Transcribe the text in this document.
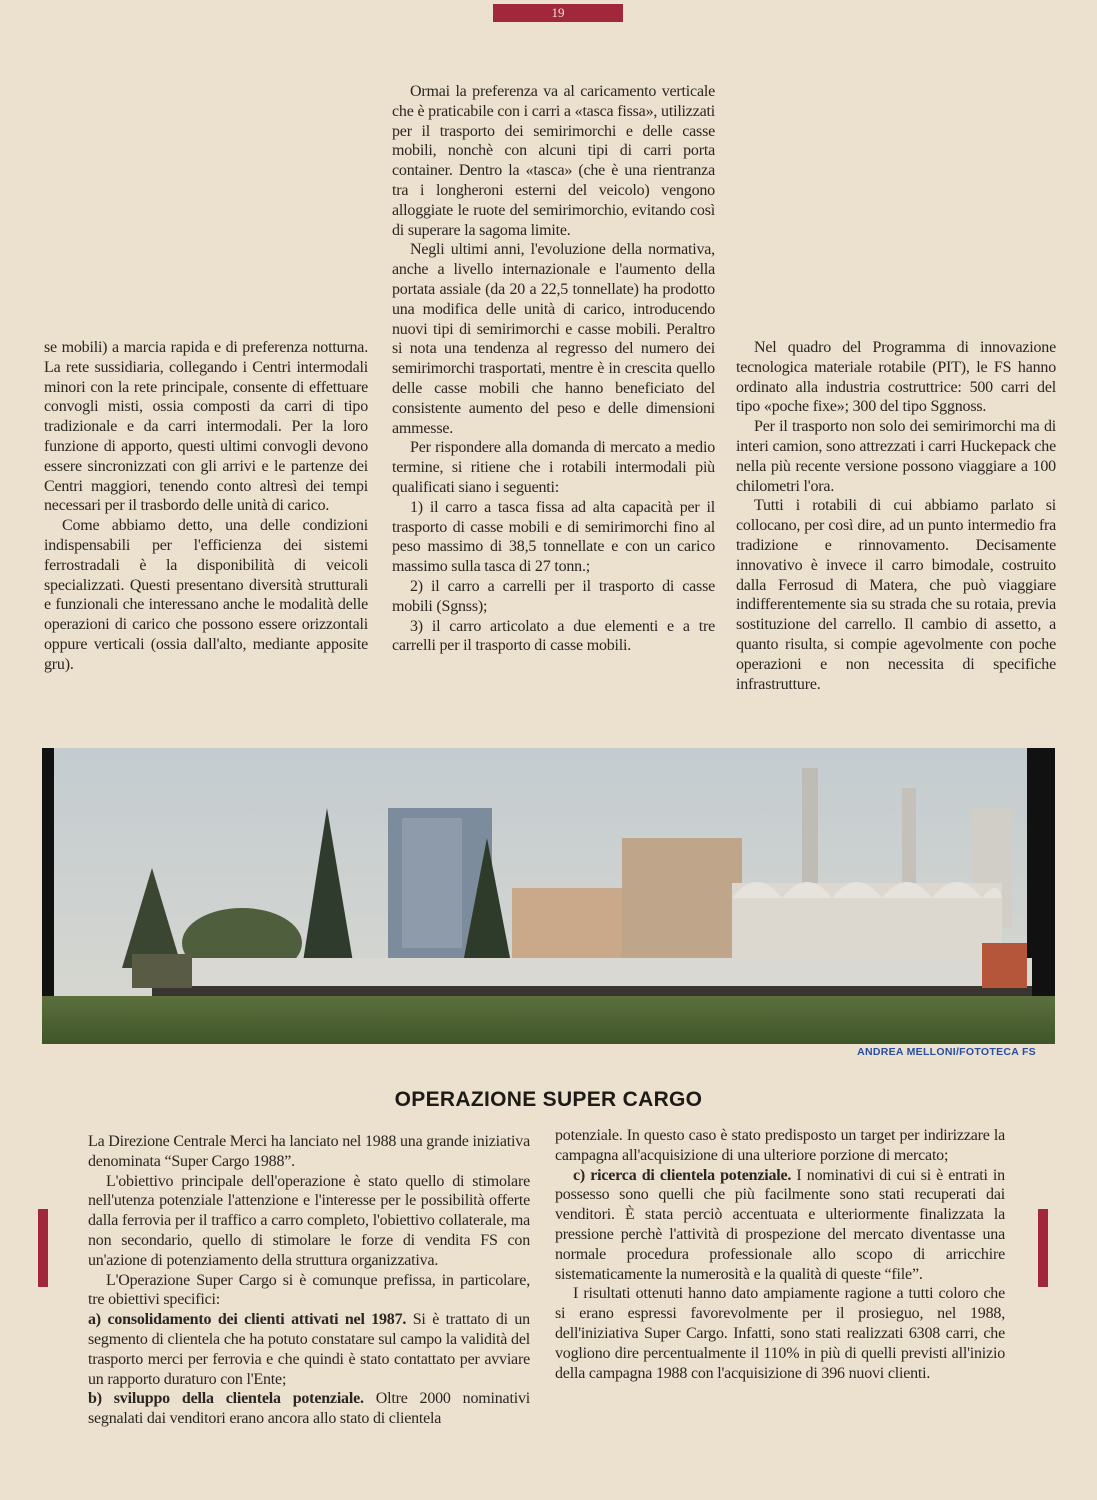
19

se mobili) a marcia rapida e di preferenza notturna. La rete sussidiaria, collegando i Centri intermodali minori con la rete principale, consente di effettuare convogli misti, ossia composti da carri di tipo tradizionale e da carri intermodali. Per la loro funzione di apporto, questi ultimi convogli devono essere sincronizzati con gli arrivi e le partenze dei Centri maggiori, tenendo conto altresì dei tempi necessari per il trasbordo delle unità di carico.

Come abbiamo detto, una delle condizioni indispensabili per l'efficienza dei sistemi ferrostradali è la disponibilità di veicoli specializzati. Questi presentano diversità strutturali e funzionali che interessano anche le modalità delle operazioni di carico che possono essere orizzontali oppure verticali (ossia dall'alto, mediante apposite gru).

Ormai la preferenza va al caricamento verticale che è praticabile con i carri a «tasca fissa», utilizzati per il trasporto dei semirimorchi e delle casse mobili, nonchè con alcuni tipi di carri porta container. Dentro la «tasca» (che è una rientranza tra i longheroni esterni del veicolo) vengono alloggiate le ruote del semirimorchio, evitando così di superare la sagoma limite.

Negli ultimi anni, l'evoluzione della normativa, anche a livello internazionale e l'aumento della portata assiale (da 20 a 22,5 tonnellate) ha prodotto una modifica delle unità di carico, introducendo nuovi tipi di semirimorchi e casse mobili. Peraltro si nota una tendenza al regresso del numero dei semirimorchi trasportati, mentre è in crescita quello delle casse mobili che hanno beneficiato del consistente aumento del peso e delle dimensioni ammesse.

Per rispondere alla domanda di mercato a medio termine, si ritiene che i rotabili intermodali più qualificati siano i seguenti:

1) il carro a tasca fissa ad alta capacità per il trasporto di casse mobili e di semirimorchi fino al peso massimo di 38,5 tonnellate e con un carico massimo sulla tasca di 27 tonn.;

2) il carro a carrelli per il trasporto di casse mobili (Sgnss);

3) il carro articolato a due elementi e a tre carrelli per il trasporto di casse mobili.

Nel quadro del Programma di innovazione tecnologica materiale rotabile (PIT), le FS hanno ordinato alla industria costruttrice: 500 carri del tipo «poche fixe»; 300 del tipo Sggnoss.

Per il trasporto non solo dei semirimorchi ma di interi camion, sono attrezzati i carri Huckepack che nella più recente versione possono viaggiare a 100 chilometri l'ora.

Tutti i rotabili di cui abbiamo parlato si collocano, per così dire, ad un punto intermedio fra tradizione e rinnovamento. Decisamente innovativo è invece il carro bimodale, costruito dalla Ferrosud di Matera, che può viaggiare indifferentemente sia su strada che su rotaia, previa sostituzione del carrello. Il cambio di assetto, a quanto risulta, si compie agevolmente con poche operazioni e non necessita di specifiche infrastrutture.

ANDREA MELLONI/FOTOTECA FS
OPERAZIONE SUPER CARGO

La Direzione Centrale Merci ha lanciato nel 1988 una grande iniziativa denominata “Super Cargo 1988”.

L'obiettivo principale dell'operazione è stato quello di stimolare nell'utenza potenziale l'attenzione e l'interesse per le possibilità offerte dalla ferrovia per il traffico a carro completo, l'obiettivo collaterale, ma non secondario, quello di stimolare le forze di vendita FS con un'azione di potenziamento della struttura organizzativa.

L'Operazione Super Cargo si è comunque prefissa, in particolare, tre obiettivi specifici:

a) consolidamento dei clienti attivati nel 1987. Si è trattato di un segmento di clientela che ha potuto constatare sul campo la validità del trasporto merci per ferrovia e che quindi è stato contattato per avviare un rapporto duraturo con l'Ente;

b) sviluppo della clientela potenziale. Oltre 2000 nominativi segnalati dai venditori erano ancora allo stato di clientela

potenziale. In questo caso è stato predisposto un target per indirizzare la campagna all'acquisizione di una ulteriore porzione di mercato;

c) ricerca di clientela potenziale. I nominativi di cui si è entrati in possesso sono quelli che più facilmente sono stati recuperati dai venditori. È stata perciò accentuata e ulteriormente finalizzata la pressione perchè l'attività di prospezione del mercato diventasse una normale procedura professionale allo scopo di arricchire sistematicamente la numerosità e la qualità di queste “file”.

I risultati ottenuti hanno dato ampiamente ragione a tutti coloro che si erano espressi favorevolmente per il prosieguo, nel 1988, dell'iniziativa Super Cargo. Infatti, sono stati realizzati 6308 carri, che vogliono dire percentualmente il 110% in più di quelli previsti all'inizio della campagna 1988 con l'acquisizione di 396 nuovi clienti.
